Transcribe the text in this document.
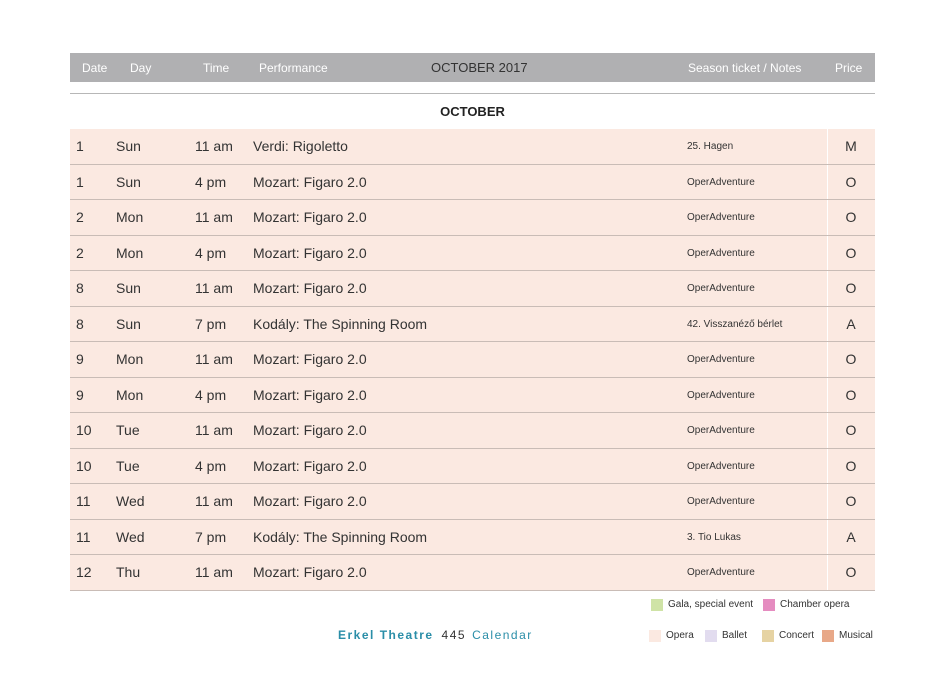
Date Day	Time Performance	OCTOBER 2017	Season ticket / Notes	Price
OCTOBER
1 Sun	11 am Verdi: Rigoletto	25. Hagen	M
1 Sun	4 pm Mozart: Figaro 2.0	OperAdventure	O
2 Mon	11 am Mozart: Figaro 2.0	OperAdventure	O
2 Mon	4 pm Mozart: Figaro 2.0	OperAdventure	O
8 Sun	11 am Mozart: Figaro 2.0	OperAdventure	O
8 Sun	7 pm Kodály: The Spinning Room	42. Visszanéző bérlet	A
9 Mon	11 am Mozart: Figaro 2.0	OperAdventure	O
9 Mon	4 pm Mozart: Figaro 2.0	OperAdventure	O
10 Tue	11 am Mozart: Figaro 2.0	OperAdventure	O
10 Tue	4 pm Mozart: Figaro 2.0	OperAdventure	O
11 Wed	11 am Mozart: Figaro 2.0	OperAdventure	O
11 Wed	7 pm Kodály: The Spinning Room	3. Tio Lukas	A
12 Thu	11 am Mozart: Figaro 2.0	OperAdventure	O
Gala, special event	Chamber opera
Opera	Ballet	Concert Musical
Erkel Theatre 445 Calendar
